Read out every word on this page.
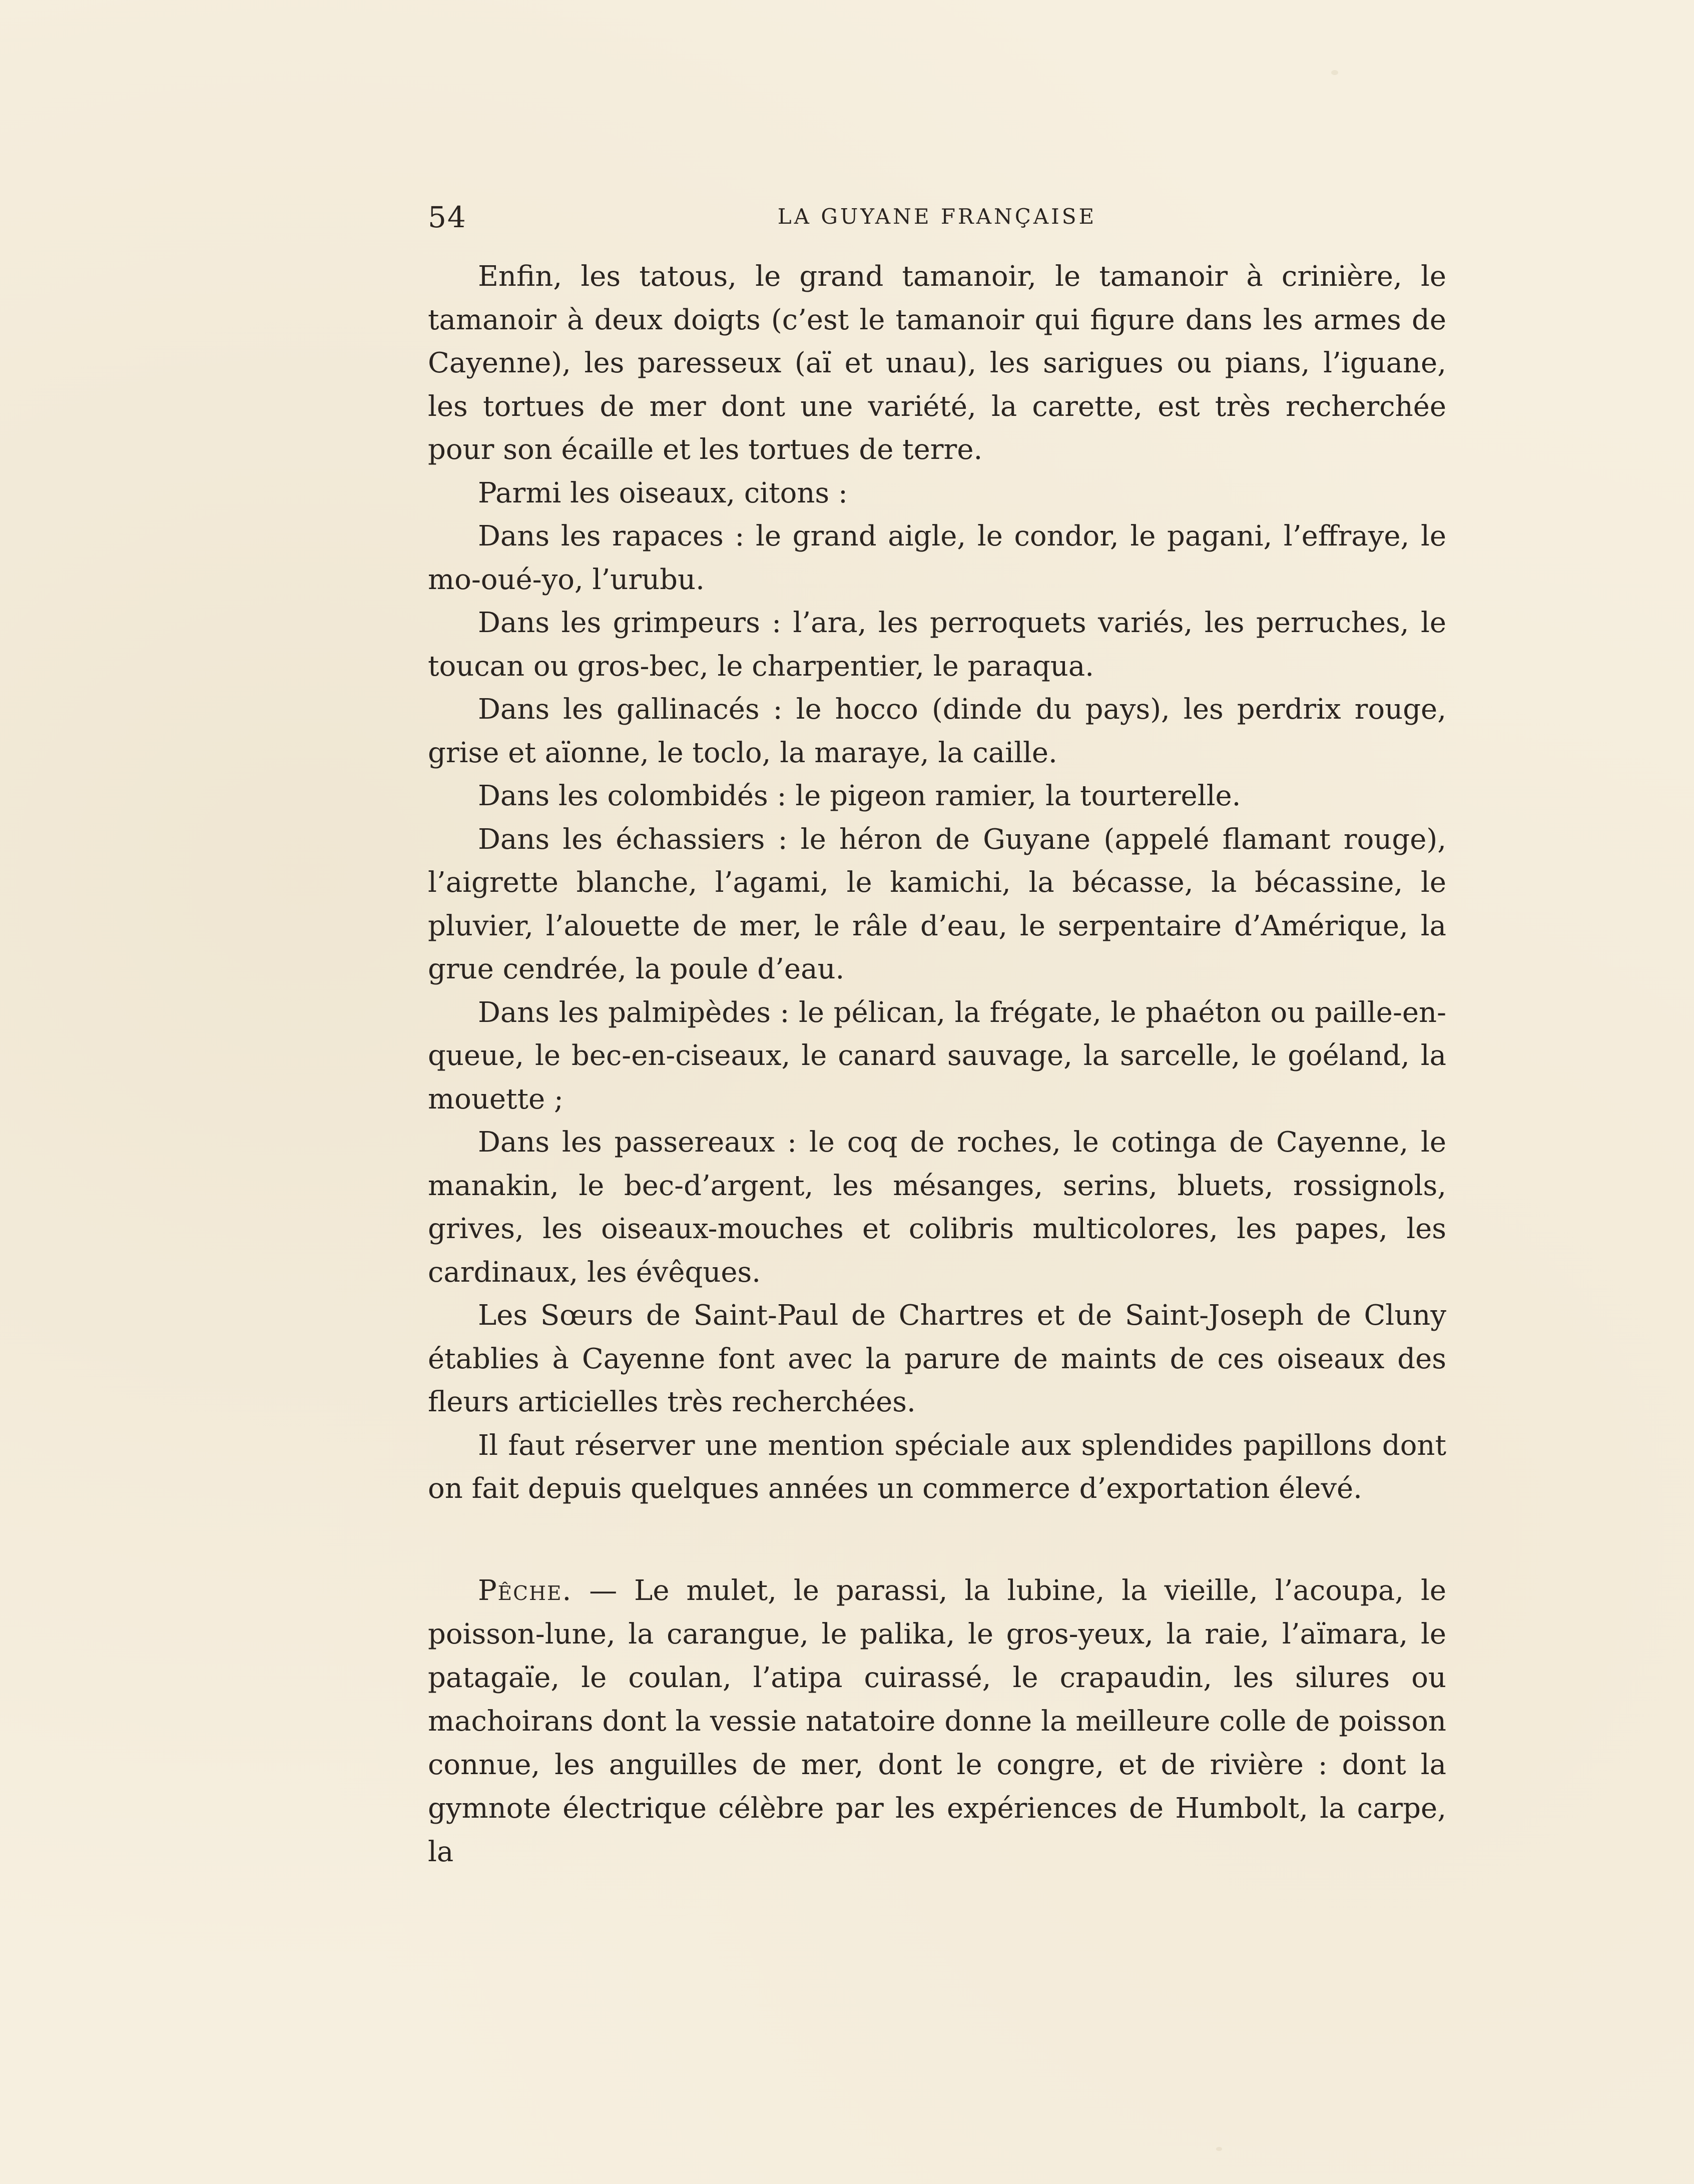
54	LA GUYANE FRANÇAISE

Enfin, les tatous, le grand tamanoir, le tamanoir à crinière, le tamanoir à deux doigts (c’est le tamanoir qui figure dans les armes de Cayenne), les paresseux (aï et unau), les sarigues ou pians, l’iguane, les tortues de mer dont une variété, la carette, est très recherchée pour son écaille et les tortues de terre.

Parmi les oiseaux, citons :

Dans les rapaces : le grand aigle, le condor, le pagani, l’effraye, le mo-oué-yo, l’urubu.

Dans les grimpeurs : l’ara, les perroquets variés, les perruches, le toucan ou gros-bec, le charpentier, le paraqua.

Dans les gallinacés : le hocco (dinde du pays), les perdrix rouge, grise et aïonne, le toclo, la maraye, la caille.

Dans les colombidés : le pigeon ramier, la tourterelle.

Dans les échassiers : le héron de Guyane (appelé flamant rouge), l’aigrette blanche, l’agami, le kamichi, la bécasse, la bécassine, le pluvier, l’alouette de mer, le râle d’eau, le serpentaire d’Amérique, la grue cendrée, la poule d’eau.

Dans les palmipèdes : le pélican, la frégate, le phaéton ou paille-en-queue, le bec-en-ciseaux, le canard sauvage, la sarcelle, le goéland, la mouette ;

Dans les passereaux : le coq de roches, le cotinga de Cayenne, le manakin, le bec-d’argent, les mésanges, serins, bluets, rossignols, grives, les oiseaux-mouches et colibris multicolores, les papes, les cardinaux, les évêques.

Les Sœurs de Saint-Paul de Chartres et de Saint-Joseph de Cluny établies à Cayenne font avec la parure de maints de ces oiseaux des fleurs articielles très recherchées.

Il faut réserver une mention spéciale aux splendides papillons dont on fait depuis quelques années un commerce d’exportation élevé.

Pêche. — Le mulet, le parassi, la lubine, la vieille, l’acoupa, le poisson-lune, la carangue, le palika, le gros-yeux, la raie, l’aïmara, le patagaïe, le coulan, l’atipa cuirassé, le crapaudin, les silures ou machoirans dont la vessie natatoire donne la meilleure colle de poisson connue, les anguilles de mer, dont le congre, et de rivière : dont la gymnote électrique célèbre par les expériences de Humbolt, la carpe, la
